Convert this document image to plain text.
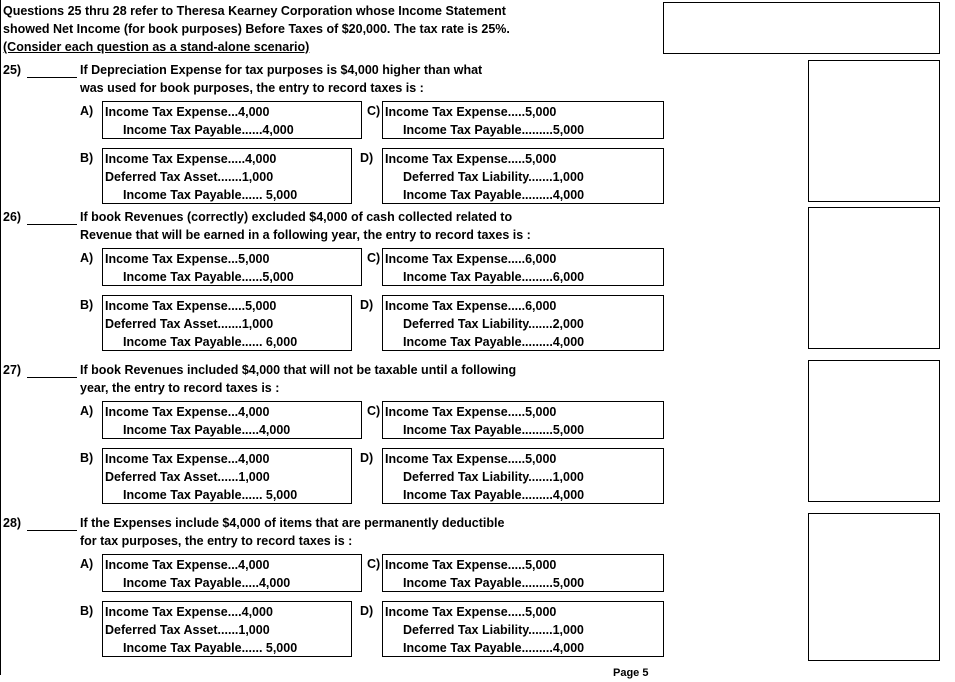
Questions 25 thru 28 refer to Theresa Kearney Corporation whose Income Statement
showed Net Income (for book purposes) Before Taxes of $20,000. The tax rate is 25%.
(Consider each question as a stand-alone scenario)
25)	If Depreciation Expense for tax purposes is $4,000 higher than what
was used for book purposes, the entry to record taxes is :
A) Income Tax Expense...4,000
Income Tax Payable......4,000
C) Income Tax Expense.....5,000
Income Tax Payable.........5,000
B) Income Tax Expense.....4,000
Deferred Tax Asset.......1,000
Income Tax Payable...... 5,000
D) Income Tax Expense.....5,000
Deferred Tax Liability.......1,000
Income Tax Payable.........4,000
26)	If book Revenues (correctly) excluded $4,000 of cash collected related to
Revenue that will be earned in a following year, the entry to record taxes is :
A) Income Tax Expense...5,000
Income Tax Payable......5,000
C) Income Tax Expense.....6,000
Income Tax Payable.........6,000
B) Income Tax Expense.....5,000
Deferred Tax Asset.......1,000
Income Tax Payable...... 6,000
D) Income Tax Expense.....6,000
Deferred Tax Liability.......2,000
Income Tax Payable.........4,000
27)	If book Revenues included $4,000 that will not be taxable until a following
year, the entry to record taxes is :
A) Income Tax Expense...4,000
Income Tax Payable.....4,000
C) Income Tax Expense.....5,000
Income Tax Payable.........5,000
B) Income Tax Expense...4,000
Deferred Tax Asset......1,000
Income Tax Payable...... 5,000
D) Income Tax Expense.....5,000
Deferred Tax Liability.......1,000
Income Tax Payable.........4,000
28)	If the Expenses include $4,000 of items that are permanently deductible
for tax purposes, the entry to record taxes is :
A) Income Tax Expense...4,000
Income Tax Payable.....4,000
C) Income Tax Expense.....5,000
Income Tax Payable.........5,000
B) Income Tax Expense....4,000
Deferred Tax Asset......1,000
Income Tax Payable...... 5,000
D) Income Tax Expense.....5,000
Deferred Tax Liability.......1,000
Income Tax Payable.........4,000
Page 5
